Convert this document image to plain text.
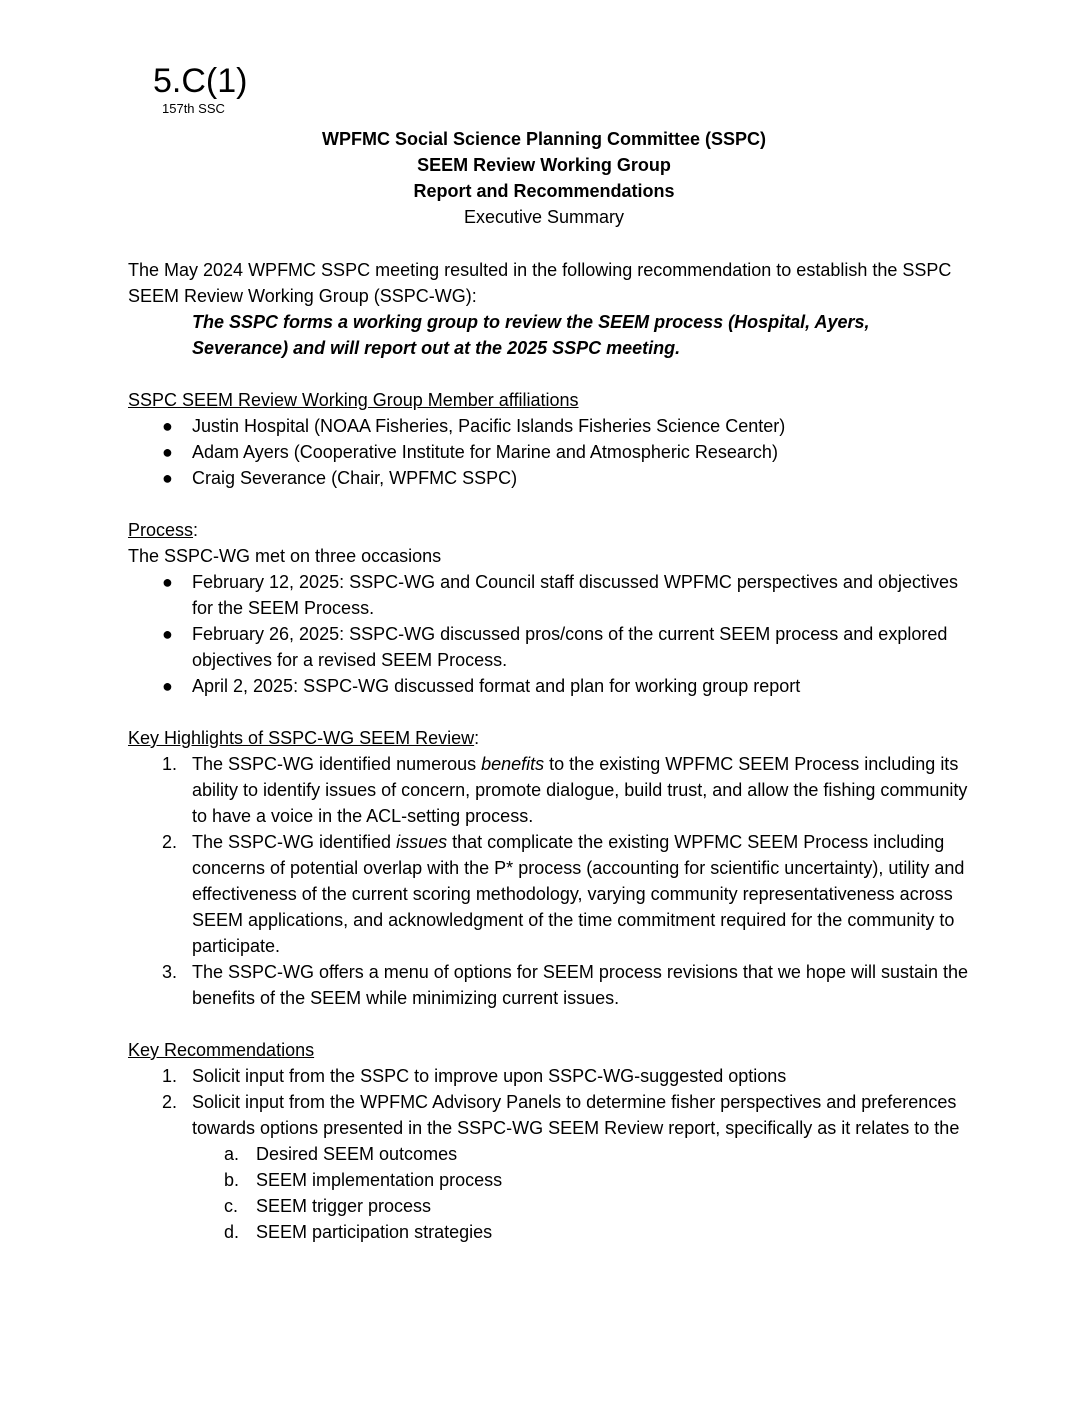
5.C(1)
157th SSC
WPFMC Social Science Planning Committee (SSPC)
SEEM Review Working Group
Report and Recommendations
Executive Summary

The May 2024 WPFMC SSPC meeting resulted in the following recommendation to establish the SSPC SEEM Review Working Group (SSPC-WG):

The SSPC forms a working group to review the SEEM process (Hospital, Ayers, Severance) and will report out at the 2025 SSPC meeting.

SSPC SEEM Review Working Group Member affiliations

● Justin Hospital (NOAA Fisheries, Pacific Islands Fisheries Science Center)
● Adam Ayers (Cooperative Institute for Marine and Atmospheric Research)
● Craig Severance (Chair, WPFMC SSPC)

Process:

The SSPC-WG met on three occasions

● February 12, 2025: SSPC-WG and Council staff discussed WPFMC perspectives and objectives for the SEEM Process.
● February 26, 2025: SSPC-WG discussed pros/cons of the current SEEM process and explored objectives for a revised SEEM Process.
● April 2, 2025: SSPC-WG discussed format and plan for working group report

Key Highlights of SSPC-WG SEEM Review:

1. The SSPC-WG identified numerous benefits to the existing WPFMC SEEM Process including its ability to identify issues of concern, promote dialogue, build trust, and allow the fishing community to have a voice in the ACL-setting process.
2. The SSPC-WG identified issues that complicate the existing WPFMC SEEM Process including concerns of potential overlap with the P* process (accounting for scientific uncertainty), utility and effectiveness of the current scoring methodology, varying community representativeness across SEEM applications, and acknowledgment of the time commitment required for the community to participate.
3. The SSPC-WG offers a menu of options for SEEM process revisions that we hope will sustain the benefits of the SEEM while minimizing current issues.

Key Recommendations

1. Solicit input from the SSPC to improve upon SSPC-WG-suggested options
2. Solicit input from the WPFMC Advisory Panels to determine fisher perspectives and preferences towards options presented in the SSPC-WG SEEM Review report, specifically as it relates to the
a. Desired SEEM outcomes
b. SEEM implementation process
c. SEEM trigger process
d. SEEM participation strategies
